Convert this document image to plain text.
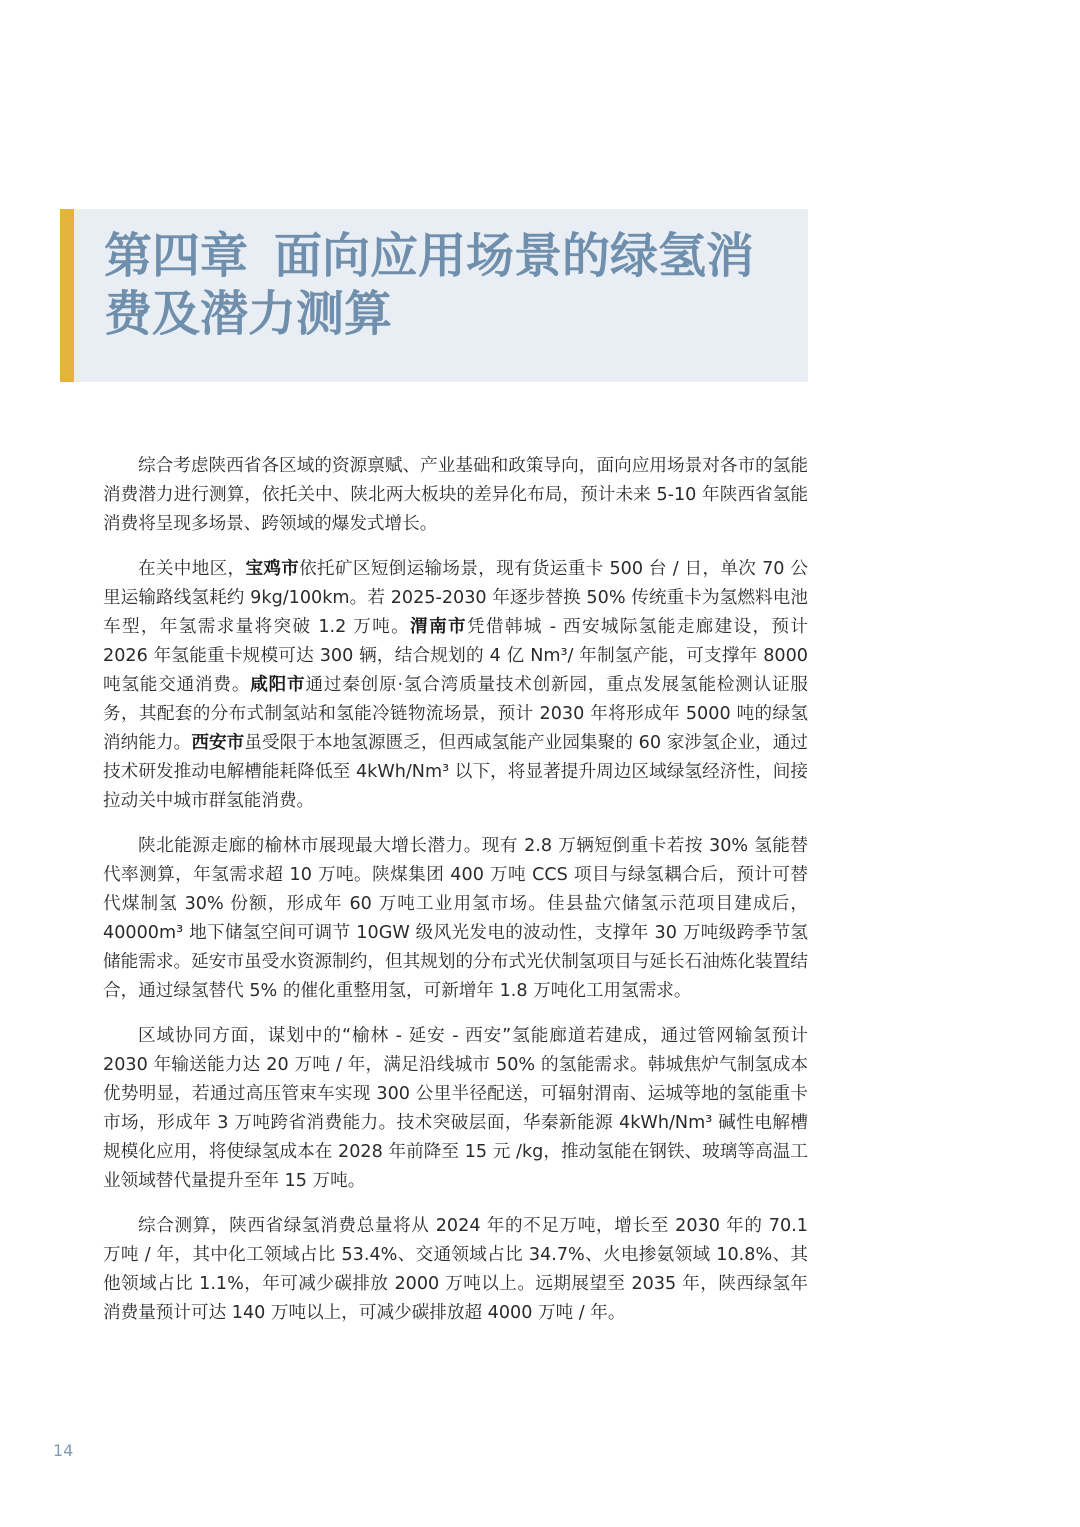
第四章 面向应用场景的绿氢消
费及潜力测算

综合考虑陕西省各区域的资源禀赋、产业基础和政策导向，面向应用场景对各市的氢能消费潜力进行测算，依托关中、陕北两大板块的差异化布局，预计未来 5-10 年陕西省氢能消费将呈现多场景、跨领域的爆发式增长。

在关中地区，宝鸡市依托矿区短倒运输场景，现有货运重卡 500 台 / 日，单次 70 公里运输路线氢耗约 9kg/100km。若 2025-2030 年逐步替换 50% 传统重卡为氢燃料电池车型，年氢需求量将突破 1.2 万吨。渭南市凭借韩城 - 西安城际氢能走廊建设，预计 2026 年氢能重卡规模可达 300 辆，结合规划的 4 亿 Nm³/ 年制氢产能，可支撑年 8000 吨氢能交通消费。咸阳市通过秦创原·氢合湾质量技术创新园，重点发展氢能检测认证服务，其配套的分布式制氢站和氢能冷链物流场景，预计 2030 年将形成年 5000 吨的绿氢消纳能力。西安市虽受限于本地氢源匮乏，但西咸氢能产业园集聚的 60 家涉氢企业，通过技术研发推动电解槽能耗降低至 4kWh/Nm³ 以下，将显著提升周边区域绿氢经济性，间接拉动关中城市群氢能消费。

陕北能源走廊的榆林市展现最大增长潜力。现有 2.8 万辆短倒重卡若按 30% 氢能替代率测算，年氢需求超 10 万吨。陕煤集团 400 万吨 CCS 项目与绿氢耦合后，预计可替代煤制氢 30% 份额，形成年 60 万吨工业用氢市场。佳县盐穴储氢示范项目建成后，40000m³ 地下储氢空间可调节 10GW 级风光发电的波动性，支撑年 30 万吨级跨季节氢储能需求。延安市虽受水资源制约，但其规划的分布式光伏制氢项目与延长石油炼化装置结合，通过绿氢替代 5% 的催化重整用氢，可新增年 1.8 万吨化工用氢需求。

区域协同方面，谋划中的“榆林 - 延安 - 西安”氢能廊道若建成，通过管网输氢预计 2030 年输送能力达 20 万吨 / 年，满足沿线城市 50% 的氢能需求。韩城焦炉气制氢成本优势明显，若通过高压管束车实现 300 公里半径配送，可辐射渭南、运城等地的氢能重卡市场，形成年 3 万吨跨省消费能力。技术突破层面，华秦新能源 4kWh/Nm³ 碱性电解槽规模化应用，将使绿氢成本在 2028 年前降至 15 元 /kg，推动氢能在钢铁、玻璃等高温工业领域替代量提升至年 15 万吨。

综合测算，陕西省绿氢消费总量将从 2024 年的不足万吨，增长至 2030 年的 70.1 万吨 / 年，其中化工领域占比 53.4%、交通领域占比 34.7%、火电掺氨领域 10.8%、其他领域占比 1.1%，年可减少碳排放 2000 万吨以上。远期展望至 2035 年，陕西绿氢年消费量预计可达 140 万吨以上，可减少碳排放超 4000 万吨 / 年。

14
